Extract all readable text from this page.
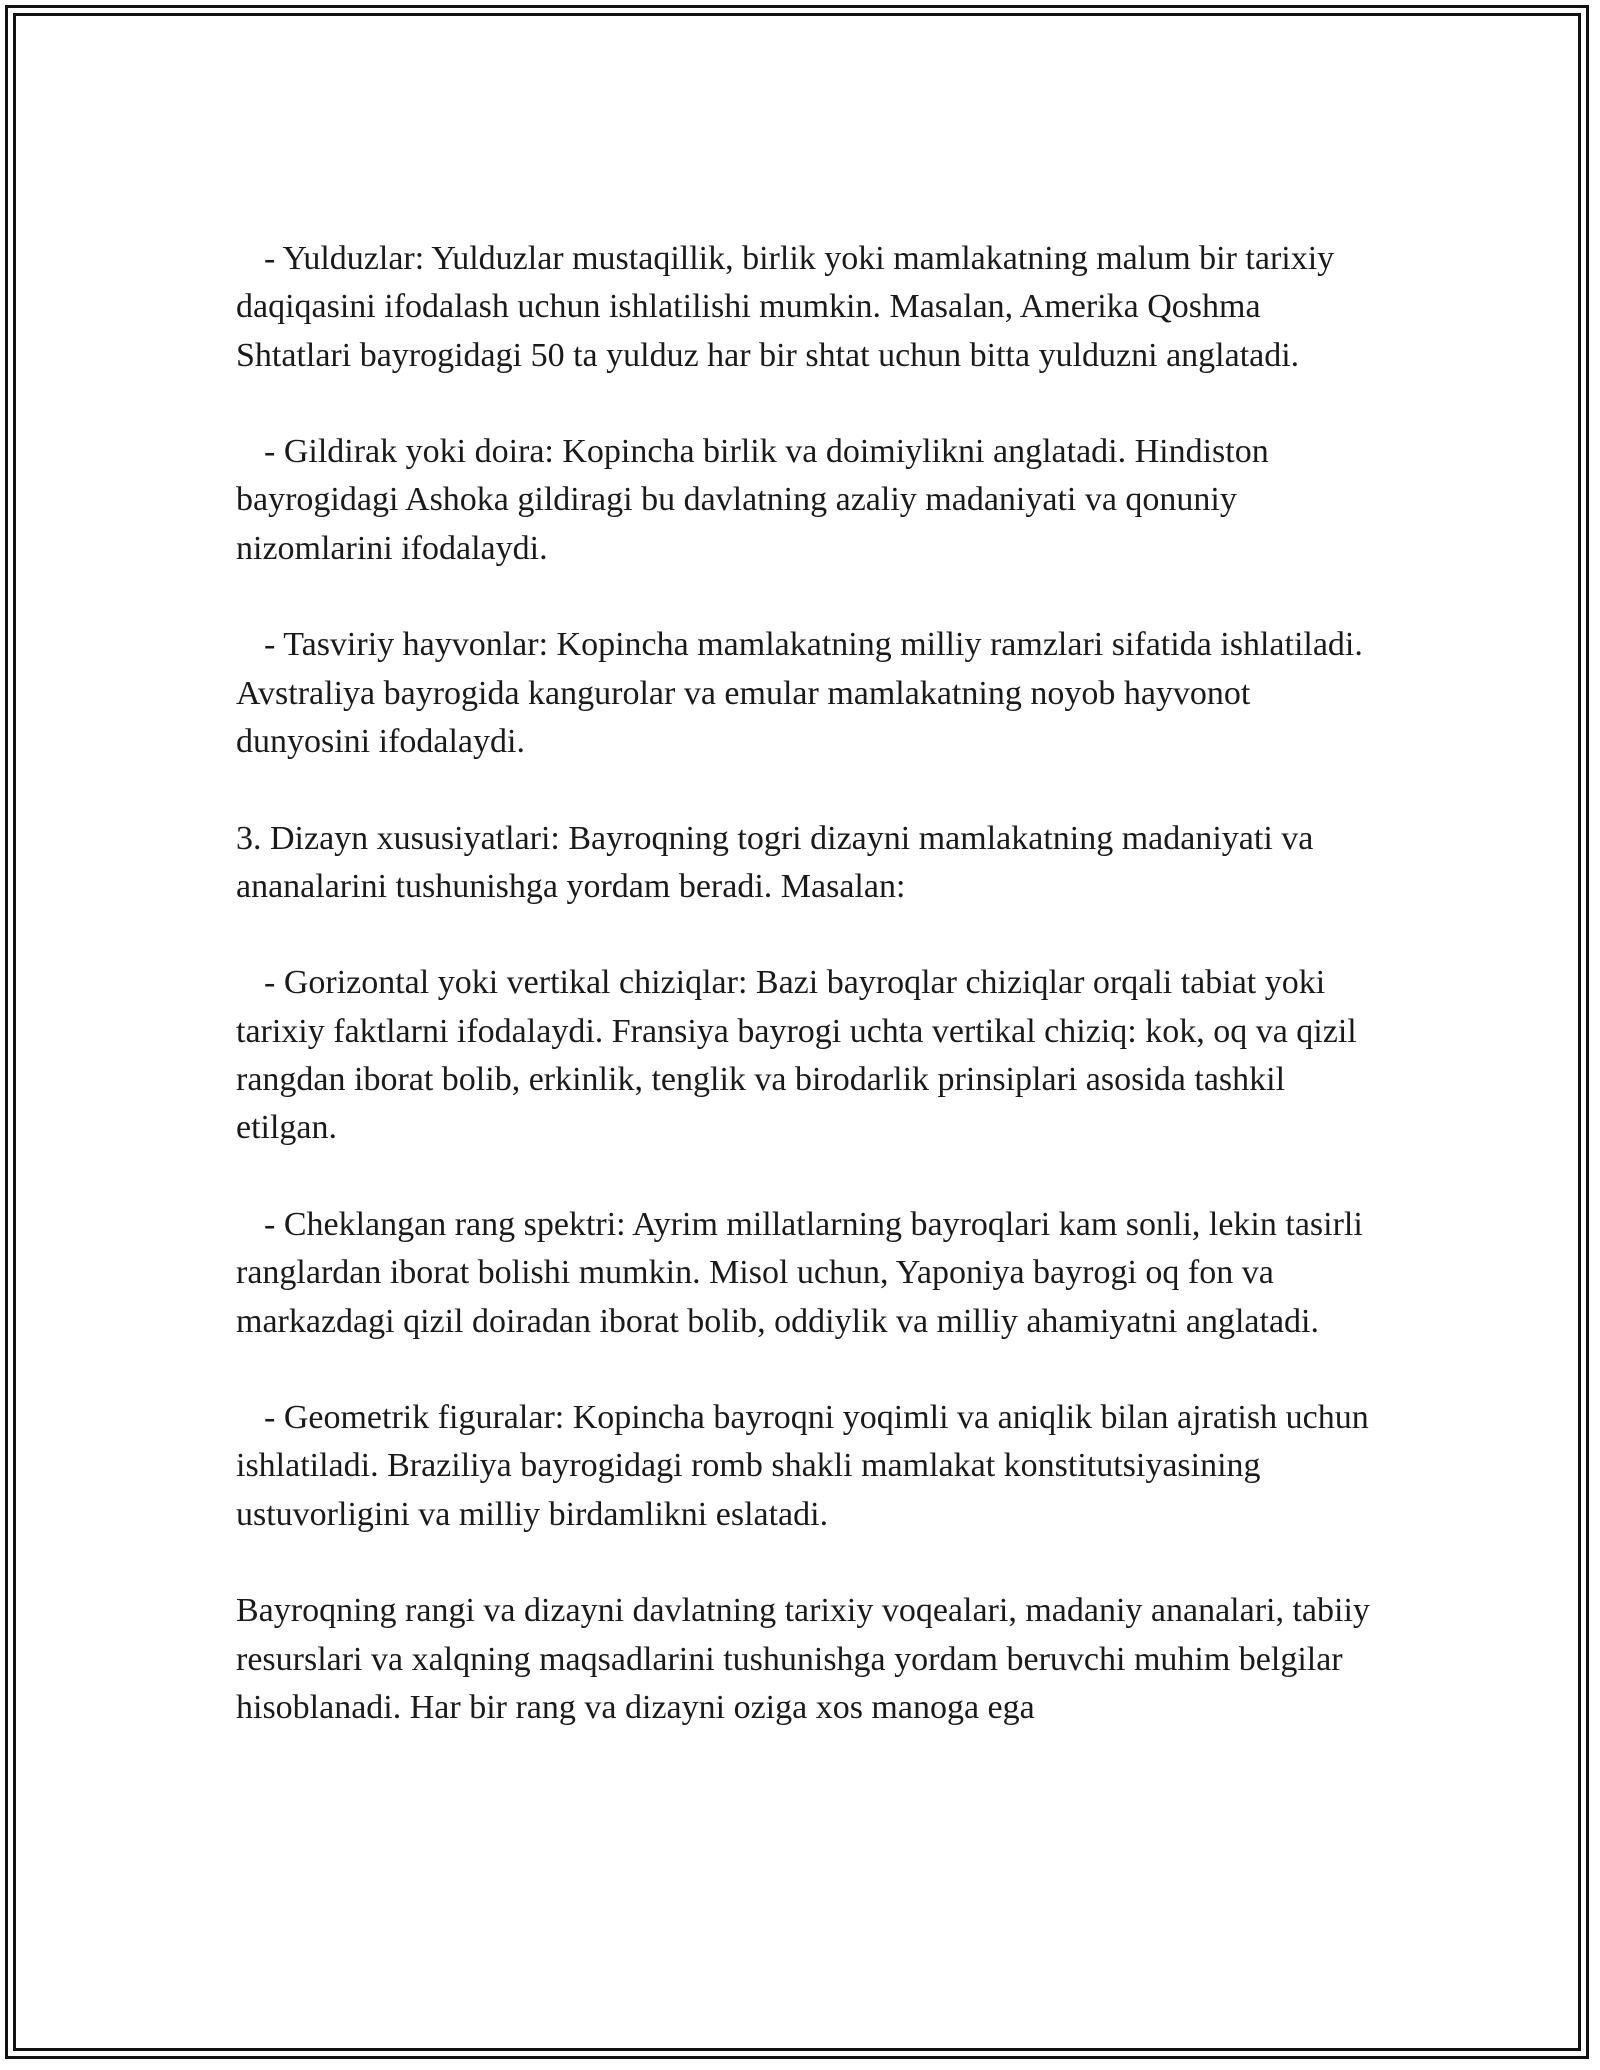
- Yulduzlar: Yulduzlar mustaqillik, birlik yoki mamlakatning malum bir tarixiy daqiqasini ifodalash uchun ishlatilishi mumkin. Masalan, Amerika Qoshma Shtatlari bayrogidagi 50 ta yulduz har bir shtat uchun bitta yulduzni anglatadi.

- Gildirak yoki doira: Kopincha birlik va doimiylikni anglatadi. Hindiston bayrogidagi Ashoka gildiragi bu davlatning azaliy madaniyati va qonuniy nizomlarini ifodalaydi.

- Tasviriy hayvonlar: Kopincha mamlakatning milliy ramzlari sifatida ishlatiladi. Avstraliya bayrogida kangurolar va emular mamlakatning noyob hayvonot dunyosini ifodalaydi.

3. Dizayn xususiyatlari: Bayroqning togri dizayni mamlakatning madaniyati va ananalarini tushunishga yordam beradi. Masalan:

- Gorizontal yoki vertikal chiziqlar: Bazi bayroqlar chiziqlar orqali tabiat yoki tarixiy faktlarni ifodalaydi. Fransiya bayrogi uchta vertikal chiziq: kok, oq va qizil rangdan iborat bolib, erkinlik, tenglik va birodarlik prinsiplari asosida tashkil etilgan.

- Cheklangan rang spektri: Ayrim millatlarning bayroqlari kam sonli, lekin tasirli ranglardan iborat bolishi mumkin. Misol uchun, Yaponiya bayrogi oq fon va markazdagi qizil doiradan iborat bolib, oddiylik va milliy ahamiyatni anglatadi.

- Geometrik figuralar: Kopincha bayroqni yoqimli va aniqlik bilan ajratish uchun ishlatiladi. Braziliya bayrogidagi romb shakli mamlakat konstitutsiyasining ustuvorligini va milliy birdamlikni eslatadi.

Bayroqning rangi va dizayni davlatning tarixiy voqealari, madaniy ananalari, tabiiy resurslari va xalqning maqsadlarini tushunishga yordam beruvchi muhim belgilar hisoblanadi. Har bir rang va dizayni oziga xos manoga ega
